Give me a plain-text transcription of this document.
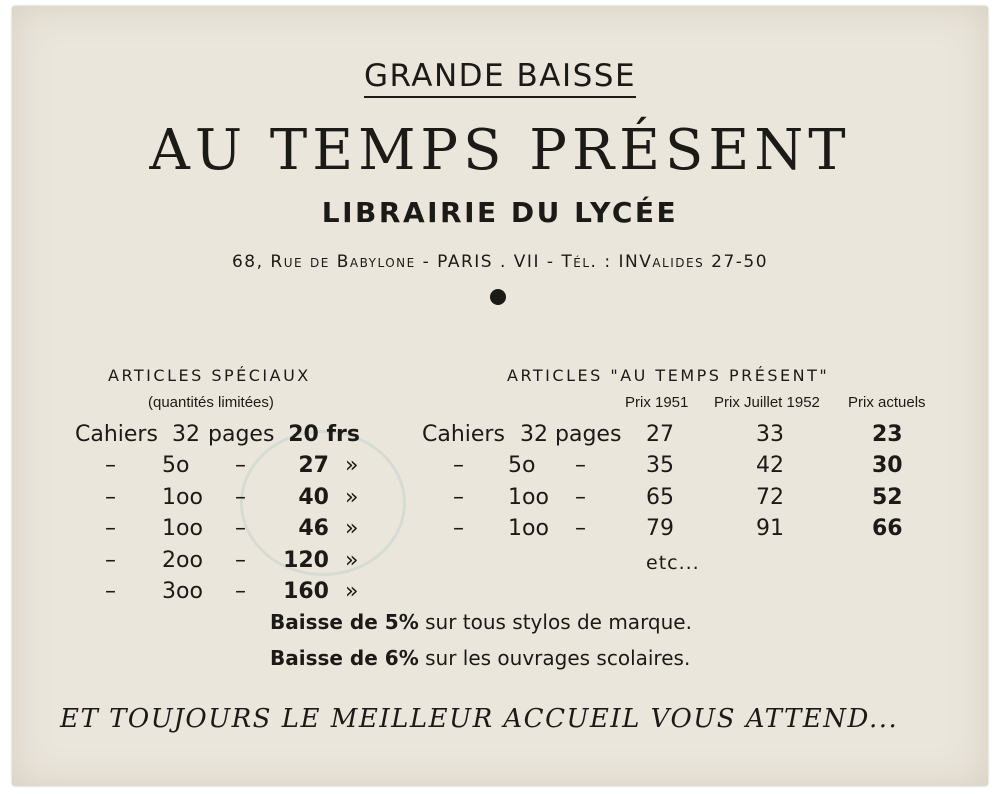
GRANDE BAISSE
AU TEMPS PRÉSENT
LIBRAIRIE DU LYCÉE
68, Rue de Babylone - PARIS . VII - Tél. : INValides 27-50
ARTICLES SPÉCIAUX
(quantités limitées)
Cahiers 32 pages 20 frs
– 5o –	27 »
– 1oo –	40 »
– 1oo –	46 »
– 2oo –	120 »
– 3oo –	160 »
ARTICLES "AU TEMPS PRÉSENT"
Prix 1951 Prix Juillet 1952 Prix actuels
Cahiers 32 pages 27	33	23
– 5o –	35	42	30
– 1oo –	65	72	52
– 1oo –	79	91	66
etc...
Baisse de 5% sur tous stylos de marque.
Baisse de 6% sur les ouvrages scolaires.
ET TOUJOURS LE MEILLEUR ACCUEIL VOUS ATTEND...
